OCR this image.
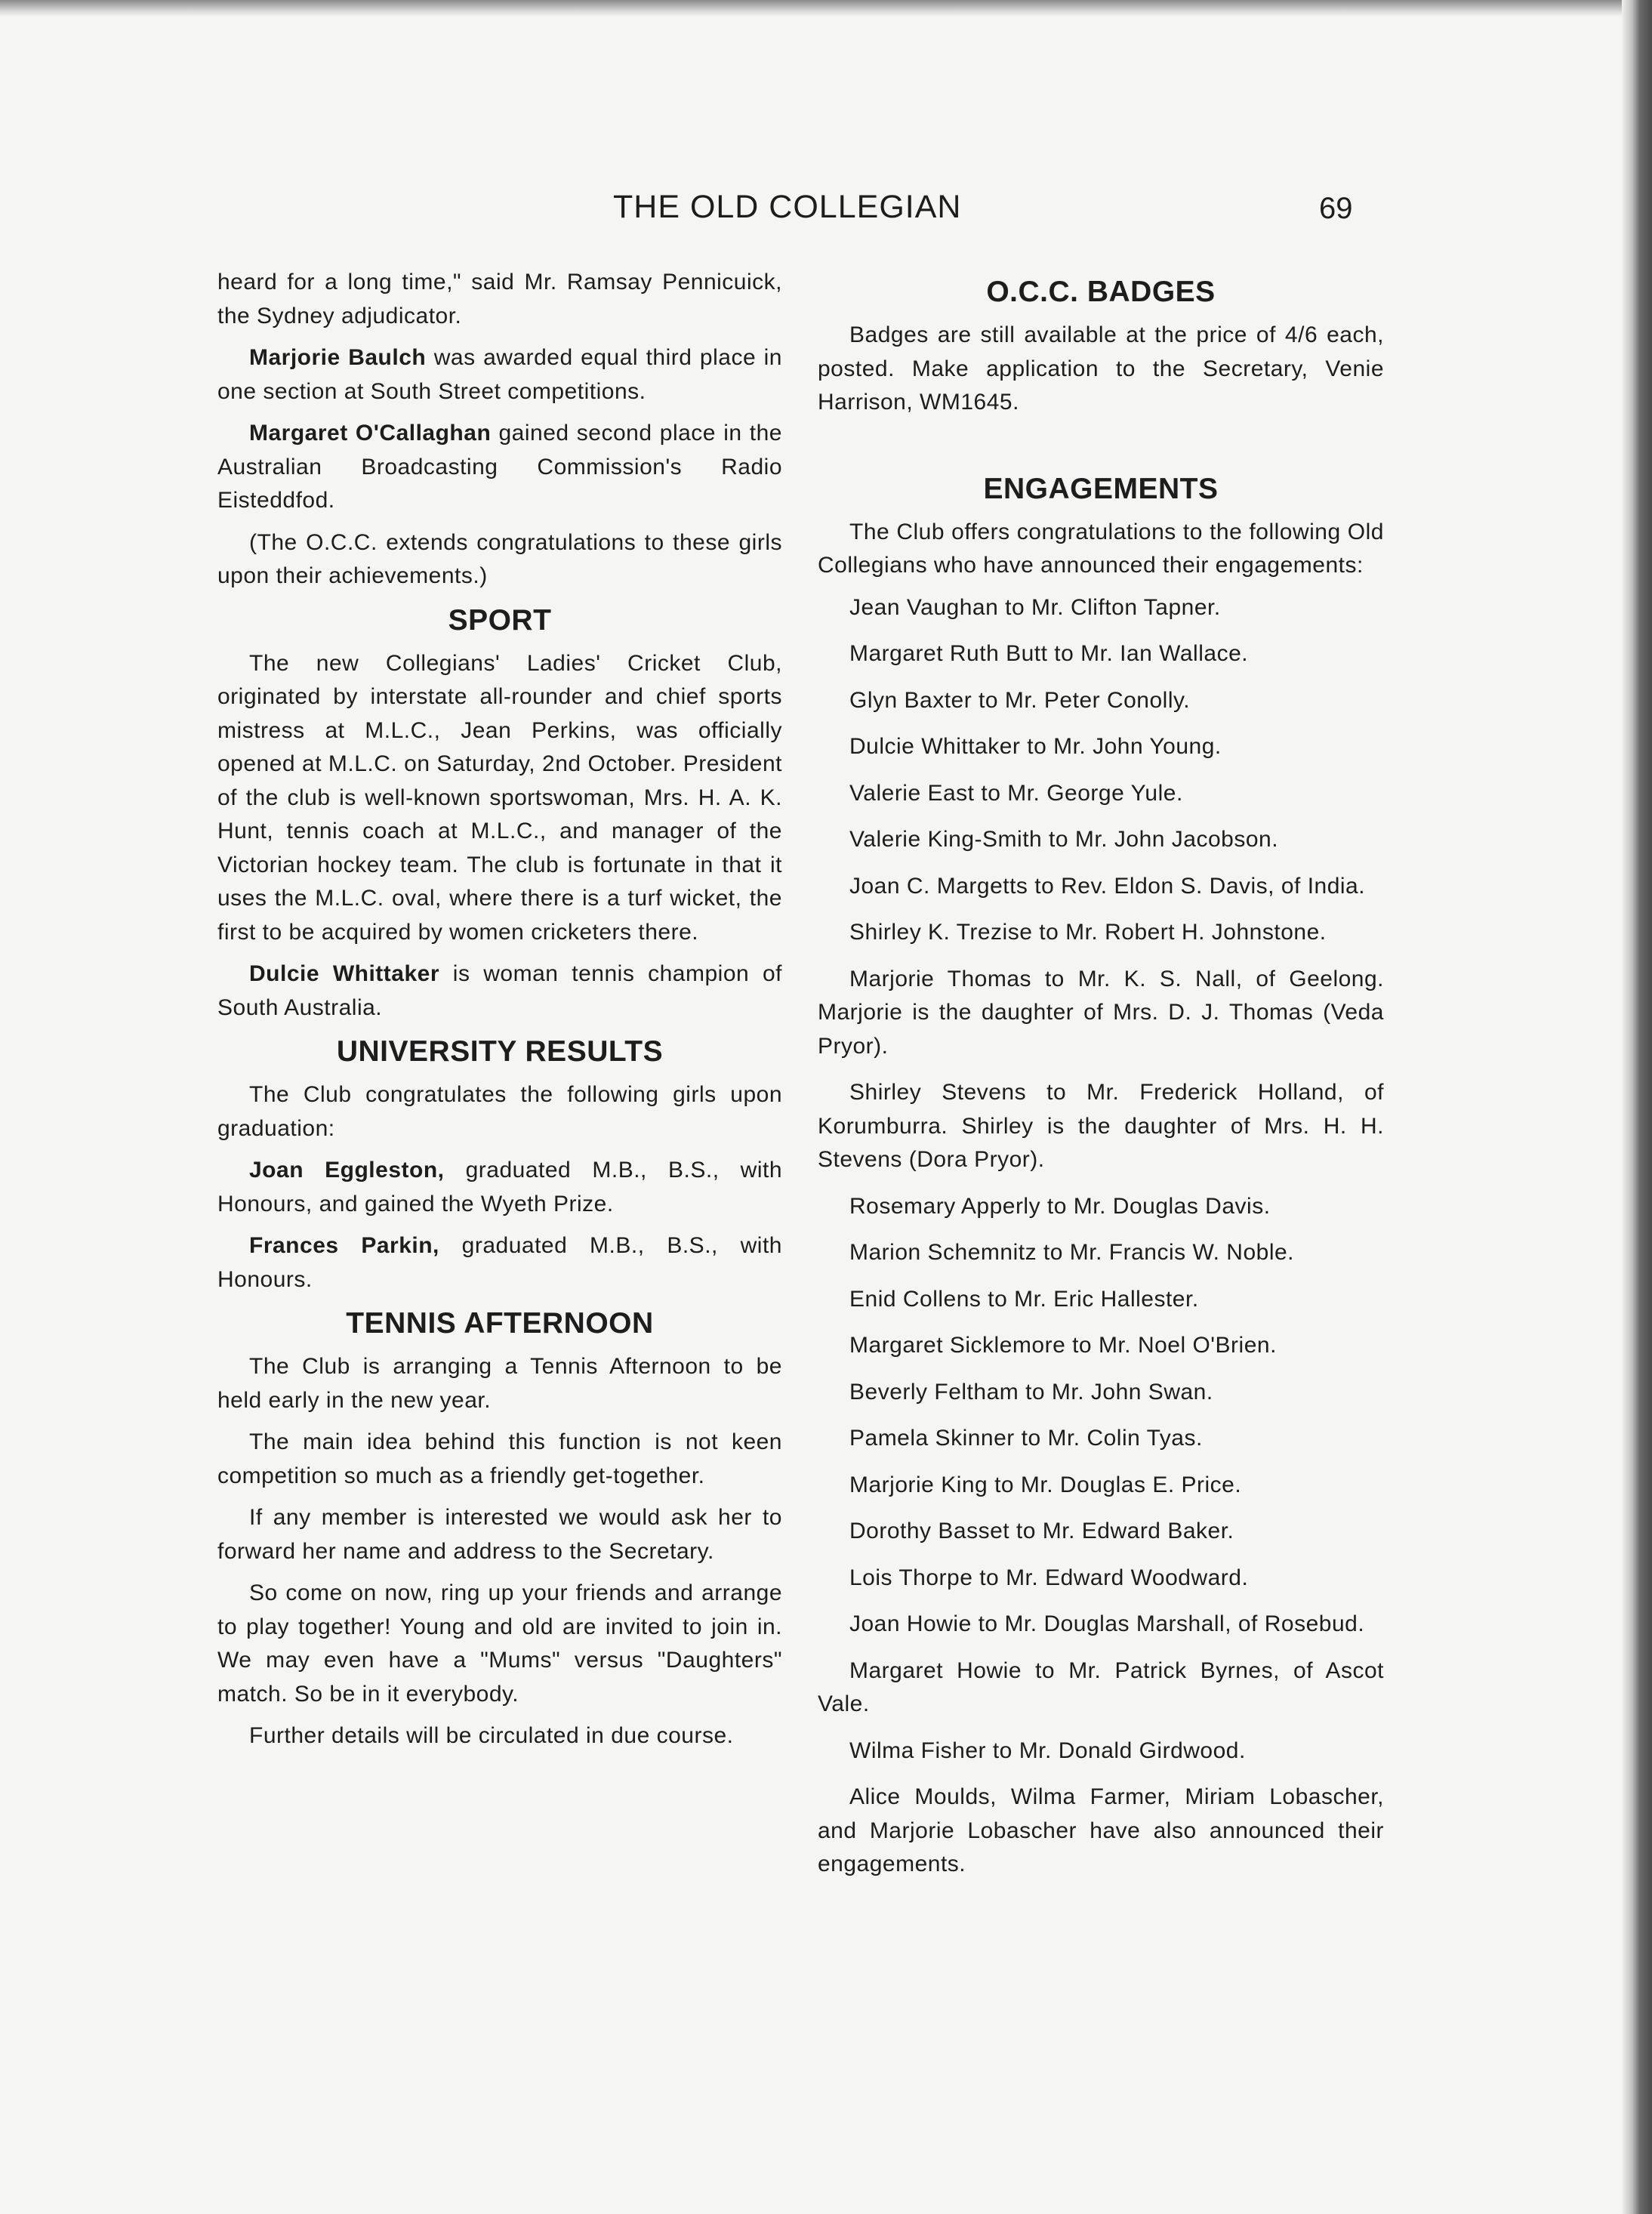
THE OLD COLLEGIAN	69

heard for a long time," said Mr. Ramsay Pennicuick, the Sydney adjudicator.

Marjorie Baulch was awarded equal third place in one section at South Street competitions.

Margaret O'Callaghan gained second place in the Australian Broadcasting Commission's Radio Eisteddfod.

(The O.C.C. extends congratulations to these girls upon their achievements.)

SPORT

The new Collegians' Ladies' Cricket Club, originated by interstate all-rounder and chief sports mistress at M.L.C., Jean Perkins, was officially opened at M.L.C. on Saturday, 2nd October. President of the club is well-known sportswoman, Mrs. H. A. K. Hunt, tennis coach at M.L.C., and manager of the Victorian hockey team. The club is fortunate in that it uses the M.L.C. oval, where there is a turf wicket, the first to be acquired by women cricketers there.

Dulcie Whittaker is woman tennis champion of South Australia.

UNIVERSITY RESULTS

The Club congratulates the following girls upon graduation:

Joan Eggleston, graduated M.B., B.S., with Honours, and gained the Wyeth Prize.

Frances Parkin, graduated M.B., B.S., with Honours.

TENNIS AFTERNOON

The Club is arranging a Tennis Afternoon to be held early in the new year.

The main idea behind this function is not keen competition so much as a friendly get-together.

If any member is interested we would ask her to forward her name and address to the Secretary.

So come on now, ring up your friends and arrange to play together! Young and old are invited to join in. We may even have a "Mums" versus "Daughters" match. So be in it everybody.

Further details will be circulated in due course.

O.C.C. BADGES

Badges are still available at the price of 4/6 each, posted. Make application to the Secretary, Venie Harrison, WM1645.

ENGAGEMENTS

The Club offers congratulations to the following Old Collegians who have announced their engagements:

Jean Vaughan to Mr. Clifton Tapner.

Margaret Ruth Butt to Mr. Ian Wallace.

Glyn Baxter to Mr. Peter Conolly.

Dulcie Whittaker to Mr. John Young.

Valerie East to Mr. George Yule.

Valerie King-Smith to Mr. John Jacobson.

Joan C. Margetts to Rev. Eldon S. Davis, of India.

Shirley K. Trezise to Mr. Robert H. Johnstone.

Marjorie Thomas to Mr. K. S. Nall, of Geelong. Marjorie is the daughter of Mrs. D. J. Thomas (Veda Pryor).

Shirley Stevens to Mr. Frederick Holland, of Korumburra. Shirley is the daughter of Mrs. H. H. Stevens (Dora Pryor).

Rosemary Apperly to Mr. Douglas Davis.

Marion Schemnitz to Mr. Francis W. Noble.

Enid Collens to Mr. Eric Hallester.

Margaret Sicklemore to Mr. Noel O'Brien.

Beverly Feltham to Mr. John Swan.

Pamela Skinner to Mr. Colin Tyas.

Marjorie King to Mr. Douglas E. Price.

Dorothy Basset to Mr. Edward Baker.

Lois Thorpe to Mr. Edward Woodward.

Joan Howie to Mr. Douglas Marshall, of Rosebud.

Margaret Howie to Mr. Patrick Byrnes, of Ascot Vale.

Wilma Fisher to Mr. Donald Girdwood.

Alice Moulds, Wilma Farmer, Miriam Lobascher, and Marjorie Lobascher have also announced their engagements.
